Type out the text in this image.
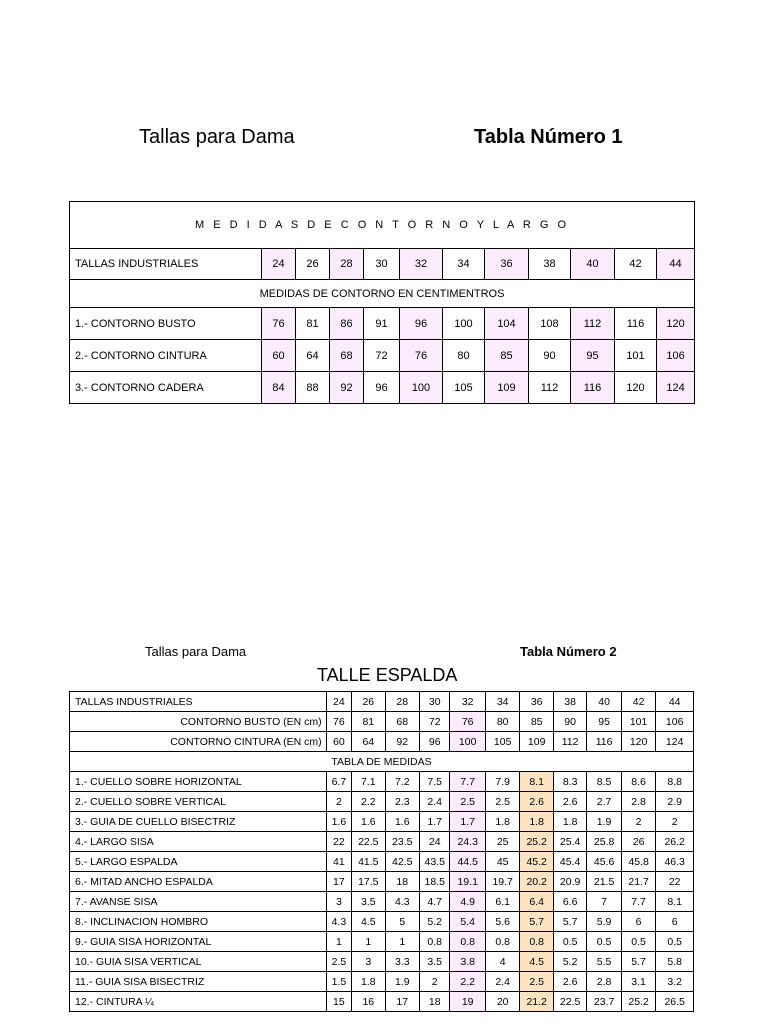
Tallas para Dama	Tabla Número 1
M E D I D A S D E C O N T O R N O Y L A R G O											
TALLAS INDUSTRIALES	24	26	28	30	32	34	36	38	40	42	44
MEDIDAS DE CONTORNO EN CENTIMENTROS											
1.- CONTORNO BUSTO	76	81	86	91	96	100	104	108	112	116	120
2.- CONTORNO CINTURA	60	64	68	72	76	80	85	90	95	101	106
3.- CONTORNO CADERA	84	88	92	96	100	105	109	112	116	120	124
Tallas para Dama	Tabla Número 2
TALLE ESPALDA
TALLAS INDUSTRIALES	24	26	28	30	32	34	36	38	40	42	44
CONTORNO BUSTO (EN cm)	76	81	68	72	76	80	85	90	95	101	106
CONTORNO CINTURA (EN cm)	60	64	92	96	100	105	109	112	116	120	124
TABLA DE MEDIDAS											
1.- CUELLO SOBRE HORIZONTAL	6.7	7.1	7.2	7.5	7.7	7.9	8.1	8.3	8.5	8.6	8.8
2.- CUELLO SOBRE VERTICAL	2	2.2	2.3	2.4	2.5	2.5	2.6	2.6	2.7	2.8	2.9
3.- GUIA DE CUELLO BISECTRIZ	1.6	1.6	1.6	1.7	1.7	1.8	1.8	1.8	1.9	2	2
4.- LARGO SISA	22	22.5	23.5	24	24.3	25	25.2	25.4	25.8	26	26.2
5.- LARGO ESPALDA	41	41.5	42.5	43.5	44.5	45	45.2	45.4	45.6	45.8	46.3
6.- MITAD ANCHO ESPALDA	17	17.5	18	18.5	19.1	19.7	20.2	20.9	21.5	21.7	22
7.- AVANSE SISA	3	3.5	4.3	4.7	4.9	6.1	6.4	6.6	7	7.7	8.1
8.- INCLINACION HOMBRO	4.3	4.5	5	5.2	5.4	5.6	5.7	5.7	5.9	6	6
9.- GUIA SISA HORIZONTAL	1	1	1	0.8	0.8	0.8	0.8	0.5	0.5	0.5	0.5
10.- GUIA SISA VERTICAL	2.5	3	3.3	3.5	3.8	4	4.5	5.2	5.5	5.7	5.8
11.- GUIA SISA BISECTRIZ	1.5	1.8	1.9	2	2.2	2.4	2.5	2.6	2.8	3.1	3.2
12.- CINTURA ¼	15	16	17	18	19	20	21.2	22.5	23.7	25.2	26.5
